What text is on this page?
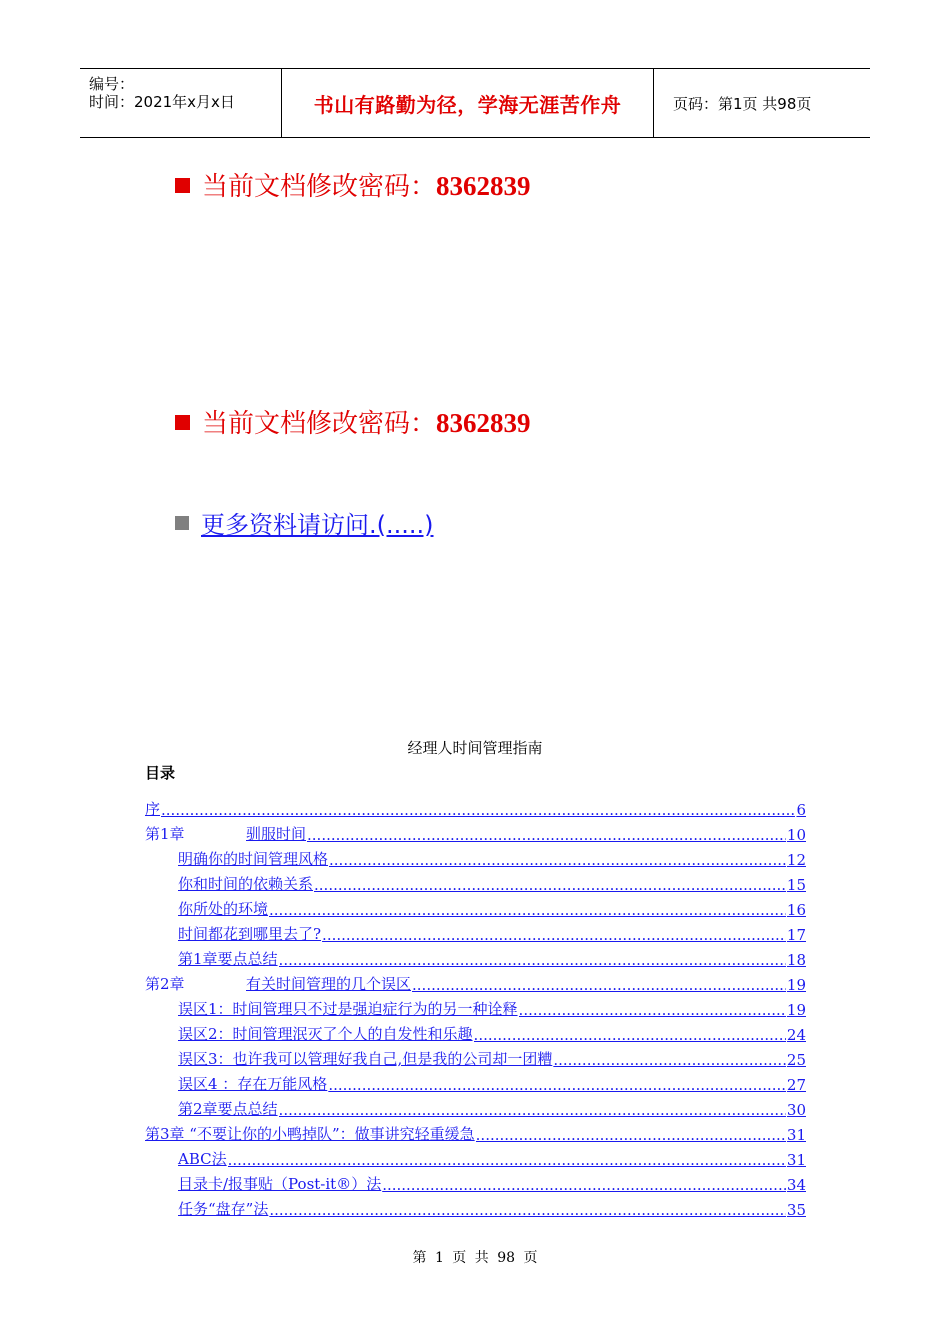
编号：
时间：2021年x月x日	书山有路勤为径，学海无涯苦作舟	页码：第1页 共98页
当前文档修改密码：8362839
当前文档修改密码：8362839
更多资料请访问.(.....)
经理人时间管理指南
目录
序 .....	6
第1章	驯服时间 .....	10
明确你的时间管理风格 .....	12
你和时间的依赖关系 .....	15
你所处的环境 .....	16
时间都花到哪里去了? .....	17
第1章要点总结 .....	18
第2章	有关时间管理的几个误区 .....	19
误区1：时间管理只不过是强迫症行为的另一种诠释 .....	19
误区2：时间管理泯灭了个人的自发性和乐趣 .....	24
误区3：也许我可以管理好我自己,但是我的公司却一团糟 .....	25
误区4 ：存在万能风格 .....	27
第2章要点总结 .....	30
第3章 “不要让你的小鸭掉队”：做事讲究轻重缓急 .....	31
ABC法 .....	31
目录卡/报事贴（Post-it®）法 .....	34
任务“盘存”法 .....	35
第 1 页 共 98 页
